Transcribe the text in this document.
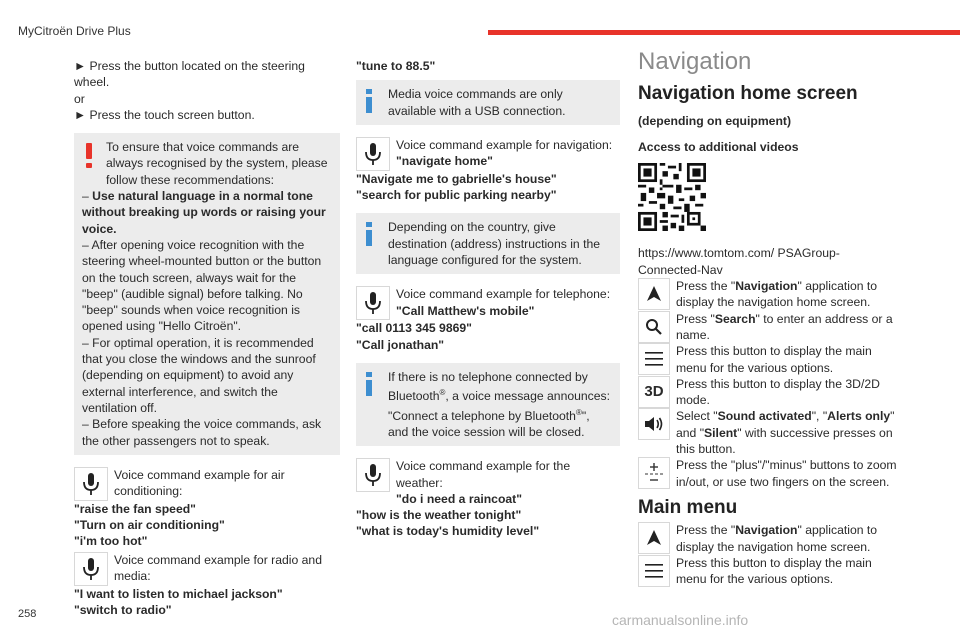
MyCitroën Drive Plus

► Press the button located on the steering wheel.

or

► Press the touch screen button.

To ensure that voice commands are always recognised by the system, please follow these recommendations:

– Use natural language in a normal tone without breaking up words or raising your voice.

– After opening voice recognition with the steering wheel-mounted button or the button on the touch screen, always wait for the "beep" (audible signal) before talking. No "beep" sounds when voice recognition is opened using "Hello Citroën".

– For optimal operation, it is recommended that you close the windows and the sunroof (depending on equipment) to avoid any external interference, and switch the ventilation off.

– Before speaking the voice commands, ask the other passengers not to speak.

Voice command example for air conditioning:

"raise the fan speed"

"Turn on air conditioning"

"i'm too hot"

Voice command example for radio and media:

"I want to listen to michael jackson"

"switch to radio"

"tune to 88.5"

Media voice commands are only available with a USB connection.

Voice command example for navigation:

"navigate home"

"Navigate me to gabrielle's house"

"search for public parking nearby"

Depending on the country, give destination (address) instructions in the language configured for the system.

Voice command example for telephone:

"Call Matthew's mobile"

"call 0113 345 9869"

"Call jonathan"

If there is no telephone connected by Bluetooth®, a voice message announces: "Connect a telephone by Bluetooth®", and the voice session will be closed.

Voice command example for the weather:

"do i need a raincoat"

"how is the weather tonight"

"what is today's humidity level"

Navigation
Navigation home screen

(depending on equipment)

Access to additional videos

https://www.tomtom.com/ PSAGroup-Connected-Nav

Press the "Navigation" application to display the navigation home screen.

Press "Search" to enter an address or a name.

Press this button to display the main menu for the various options.

3D	Press this button to display the 3D/2D mode.

Select "Sound activated", "Alerts only" and "Silent" with successive presses on this button.

Press the "plus"/"minus" buttons to zoom in/out, or use two fingers on the screen.

Main menu

Press the "Navigation" application to display the navigation home screen.

Press this button to display the main menu for the various options.

258	carmanualsonline.info
